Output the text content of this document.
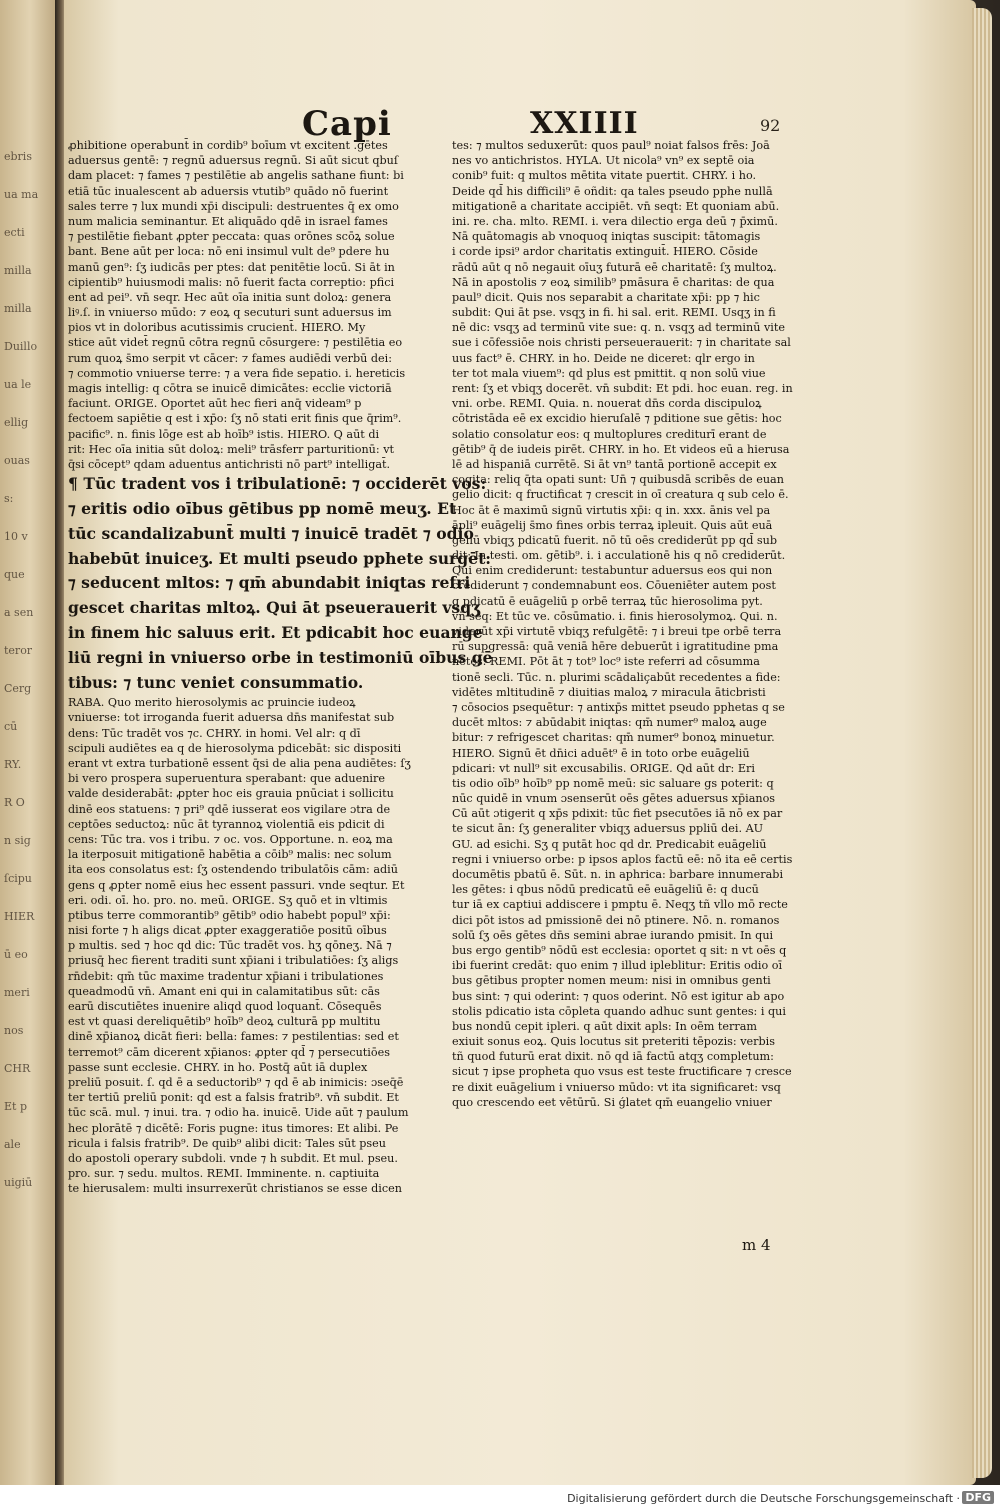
ebris
ua ma
ecti
milla
milla
Duillo
ua le
ellig
ouas
s:
10 v
que
a sen
teror
Cerg
cū
RY.
R O
n sig
ſcipu
HIER
ū eo
meri
nos
CHR
Et p
ale
uigiū
Capi	XXIIII	92
ꝓhibitione operabunt̄ in cordib⁹ boīum vt excitent .gētes
aduersus gentē: ⁊ regnū aduersus regnū. Si aūt sicut qbuſ
dam placet: ⁊ fames ⁊ pestilētie ab angelis sathane fiunt: bi
etiā tūc inualescent ab aduersis vtutib⁹ quādo nō fuerint
sales terre ⁊ lux mundi xp̄i discipuli: destruentes q̄ ex omo
num malicia seminantur. Et aliquādo qdē in israel fames
⁊ pestilētie fiebant ꝓpter peccata: quas orōnes scōꝝ solue
bant. Bene aūt per loca: nō eni insimul vult de⁹ pdere hu
manū gen⁹: ſʒ iudicās per ptes: dat penitētie locū. Si āt in
cipientib⁹ huiusmodi malis: nō fuerit facta correptio: pfici
ent ad pei⁹. vn̄ seqr. Hec aūt oīa initia sunt doloꝝ: genera
liꝰ.ſ. in vniuerso mūdo: ⁊ eoꝝ q secuturi sunt aduersus im
pios vt in doloribus acutissimis crucient̄. HIERO. My
stice aūt videt̄ regnū cōtra regnū cōsurgere: ⁊ pestilētia eo
rum quoꝝ s̄mo serpit vt cācer: ⁊ fames audiēdi verbū dei:
⁊ commotio vniuerse terre: ⁊ a vera fide sepatio. i. hereticis
magis intellig: q cōtra se inuicē dimicātes: ecclie victoriā
faciunt. ORIGE. Oportet aūt hec fieri anq̄ videam⁹ p
fectoem sapiētie q est i xp̄o: ſʒ nō stati erit finis que q̄rim⁹.
pacific⁹. n. finis lōge est ab hoīb⁹ istis. HIERO. Q aūt di
rit: Hec oīa initia sūt doloꝝ: meli⁹ trāsferr parturitionū: vt
q̄si cōcept⁹ qdam aduentus antichristi nō part⁹ intelligat̄.
¶ Tūc tradent vos i tribulationē: ⁊ occiderēt vos:
⁊ eritis odio oībus gētibus pp nomē meuʒ. Et
tūc scandalizabunt̄ multi ⁊ inuicē tradēt ⁊ odio
habebūt inuiceʒ. Et multi pseudo pphete surgēt:
⁊ seducent mltos: ⁊ qm̄ abundabit iniqtas refri
gescet charitas mltoꝝ. Qui āt pseuerauerit vsqʒ
in finem hic saluus erit. Et pdicabit hoc euange
liū regni in vniuerso orbe in testimoniū oībus gē
tibus: ⁊ tunc veniet consummatio.
RABA. Quo merito hierosolymis ac pruincie iudeoꝝ
vniuerse: tot irroganda fuerit aduersa dn̄s manifestat sub
dens: Tūc tradēt vos ⁊c. CHRY. in homi. Vel alr: q dī
scipuli audiētes ea q de hierosolyma pdicebāt: sic dispositi
erant vt extra turbationē essent q̄si de alia pena audiētes: ſʒ
bi vero prospera superuentura sperabant: que aduenire
valde desiderabāt: ꝓpter hoc eis grauia pnūciat i sollicitu
dinē eos statuens: ⁊ pri⁹ qdē iusserat eos vigilare ɔtra de
ceptōes seductoꝝ: nūc āt tyrannoꝝ violentiā eis pdicit di
cens: Tūc tra. vos i tribu. ⁊ oc. vos. Opportune. n. eoꝝ ma
la iterposuit mitigationē habētia a cōib⁹ malis: nec solum
ita eos consolatus est: ſʒ ostendendo tribulatōis cām: adiū
gens q ꝓpter nomē eius hec essent passuri. vnde seqtur. Et
eri. odi. oī. ho. pro. no. meū. ORIGE. Sʒ quō et in vltimis
ptibus terre commorantib⁹ gētib⁹ odio habebt popul⁹ xp̄i:
nisi forte ⁊ h aligs dicat ꝓpter exaggeratiōe positū oībus
p multis. sed ⁊ hoc qd dic: Tūc tradēt vos. hʒ qōneʒ. Nā ⁊
priusq̄ hec fierent traditi sunt xp̄iani i tribulatiōes: ſʒ aligs
rn̄debit: qm̄ tūc maxime tradentur xp̄iani i tribulationes
queadmodū vn̄. Amant eni qui in calamitatibus sūt: cās
earū discutiētes inuenire aliqd quod loquant̄. Cōsequēs
est vt quasi dereliquētib⁹ hoīb⁹ deoꝝ culturā pp multitu
dinē xp̄ianoꝝ dicāt fieri: bella: fames: ⁊ pestilentias: sed et
terremot⁹ cām dicerent xp̄ianos: ꝓpter qd̄ ⁊ persecutiōes
passe sunt ecclesie. CHRY. in ho. Postq̄ aūt iā duplex
preliū posuit. ſ. qd ē a seductorib⁹ ⁊ qd ē ab inimicis: ɔseq̄ē
ter tertiū preliū ponit: qd est a falsis fratrib⁹. vn̄ subdit. Et
tūc scā. mul. ⁊ inui. tra. ⁊ odio ha. inuicē. Uide aūt ⁊ paulum
hec plorātē ⁊ dicētē: Foris pugne: itus timores: Et alibi. Pe
ricula i falsis fratrib⁹. De quib⁹ alibi dicit: Tales sūt pseu
do apostoli operary subdoli. vnde ⁊ h subdit. Et mul. pseu.
pro. sur. ⁊ sedu. multos. REMI. Imminente. n. captiuita
te hierusalem: multi insurrexerūt christianos se esse dicen
tes: ⁊ multos seduxerūt: quos paul⁹ noiat falsos frēs: Joā
nes vo antichristos. HYLA. Ut nicola⁹ vn⁹ ex septē oia
conib⁹ fuit: q multos mētita vitate puertit. CHRY. i ho.
Deide qd̄ his difficili⁹ ē oñdit: qa tales pseudo pphe nullā
mitigationē a charitate accipiēt. vn̄ seqt: Et quoniam abū.
ini. re. cha. mlto. REMI. i. vera dilectio erga deū ⁊ p̄ximū.
Nā quātomagis ab vnoquoq iniqtas suscipit: tātomagis
i corde ipsi⁹ ardor charitatis extinguit̄. HIERO. Cōside
rādū aūt q nō negauit oīuʒ futurā eē charitatē: ſʒ multoꝝ.
Nā in apostolis ⁊ eoꝝ similib⁹ pmāsura ē charitas: de qua
paul⁹ dicit. Quis nos separabit a charitate xp̄i: pp ⁊ hic
subdit: Qui āt pse. vsqʒ in fi. hi sal. erit. REMI. Usqʒ in fi
nē dic: vsqʒ ad terminū vite sue: q. n. vsqʒ ad terminū vite
sue i cōfessiōe nois christi perseuerauerit: ⁊ in charitate sal
uus fact⁹ ē. CHRY. in ho. Deide ne diceret: qlr ergo in
ter tot mala viuem⁹: qd plus est pmittit. q non solū viue
rent: ſʒ et vbiqʒ docerēt. vn̄ subdit: Et pdi. hoc euan. reg. in
vni. orbe. REMI. Quia. n. nouerat dn̄s corda discipuloꝝ
cōtristāda eē ex excidio hieruſalē ⁊ pditione sue gētis: hoc
solatio consolatur eos: q multoplures crediturī erant de
gētib⁹ q̄ de iudeis pirēt. CHRY. in ho. Et videos eū a hierusa
lē ad hispaniā currētē. Si āt vn⁹ tantā portionē accepit ex
cogita: reliq q̄ta opati sunt: Un̄ ⁊ quibusdā scribēs de euan
gelio dicit: q fructificat ⁊ crescit in oī creatura q sub celo ē.
Hoc āt ē maximū signū virtutis xp̄i: q in. xxx. ānis vel pa
āpli⁹ euāgelij s̄mo fines orbis terraꝝ ipleuit. Quis aūt euā
geliū vbiqʒ pdicatū fuerit. nō tū oēs crediderūt pp qd̄ sub
dit: In testi. om. gētib⁹. i. i acculationē his q nō crediderūt.
Qui enim crediderunt: testabuntur aduersus eos qui non
crediderunt ⁊ condemnabunt eos. Cōueniēter autem post
q pdicatū ē euāgeliū p orbē terraꝝ tūc hierosolima pyt.
vn̄ seq: Et tūc ve. cōsūmatio. i. finis hierosolymoꝝ. Qui. n.
viderūt xp̄i virtutē vbiqʒ refulgētē: ⁊ i breui tpe orbē terra
rū supgressā: quā veniā hēre debuerūt i igratitudine pma
nētes: REMI. Pōt āt ⁊ tot⁹ loc⁹ iste referri ad cōsumma
tionē secli. Tūc. n. plurimi scādaliçabūt recedentes a fide:
vidētes mltitudinē ⁊ diuitias maloꝝ ⁊ miracula āticbristi
⁊ cōsocios psequētur: ⁊ antixp̄s mittet pseudo pphetas q se
ducēt mltos: ⁊ abūdabit iniqtas: qm̄ numer⁹ maloꝝ auge
bitur: ⁊ refrigescet charitas: qm̄ numer⁹ bonoꝝ minuetur.
HIERO. Signū ēt dn̄ici aduēt⁹ ē in toto orbe euāgeliū
pdicari: vt null⁹ sit excusabilis. ORIGE. Qd aūt dr: Eri
tis odio oīb⁹ hoīb⁹ pp nomē meū: sic saluare gs poterit: q
nūc quidē in vnum ɔsenserūt oēs gētes aduersus xp̄ianos
Cū aūt ɔtigerit q xp̄s pdixit: tūc fiet psecutōes iā nō ex par
te sicut ān: ſʒ generaliter vbiqʒ aduersus ppliū dei. AU
GU. ad esichi. Sʒ q putāt hoc qd dr. Predicabit euāgeliū
regni i vniuerso orbe: p ipsos aplos factū eē: nō ita eē certis
documētis pbatū ē. Sūt. n. in aphrica: barbare innumerabi
les gētes: i qbus nōdū predicatū eē euāgeliū ē: q ducū
tur iā ex captiui addiscere i pmptu ē. Neqʒ tñ vllo mō recte
dici pōt istos ad pmissionē dei nō ptinere. Nō. n. romanos
solū ſʒ oēs gētes dn̄s semini abrae iurando pmisit. In qui
bus ergo gentib⁹ nōdū est ecclesia: oportet q sit: n vt oēs q
ibi fuerint credāt: quo enim ⁊ illud ipleblitur: Eritis odio oī
bus gētibus propter nomen meum: nisi in omnibus genti
bus sint: ⁊ qui oderint: ⁊ quos oderint. Nō est igitur ab apo
stolis pdicatio ista cōpleta quando adhuc sunt gentes: i qui
bus nondū cepit ipleri. q aūt dixit apls: In oēm terram
exiuit sonus eoꝝ. Quis locutus sit preteriti tēpozis: verbis
tñ quod futurū erat dixit. nō qd iā factū atqʒ completum:
sicut ⁊ ipse propheta quo vsus est teste fructificare ⁊ cresce
re dixit euāgelium i vniuerso mūdo: vt ita significaret: vsq
quo crescendo eet vētūrū. Si ǵlatet qm̄ euangelio vniuer
m 4
Digitalisierung gefördert durch die Deutsche Forschungsgemeinschaft · DFG
